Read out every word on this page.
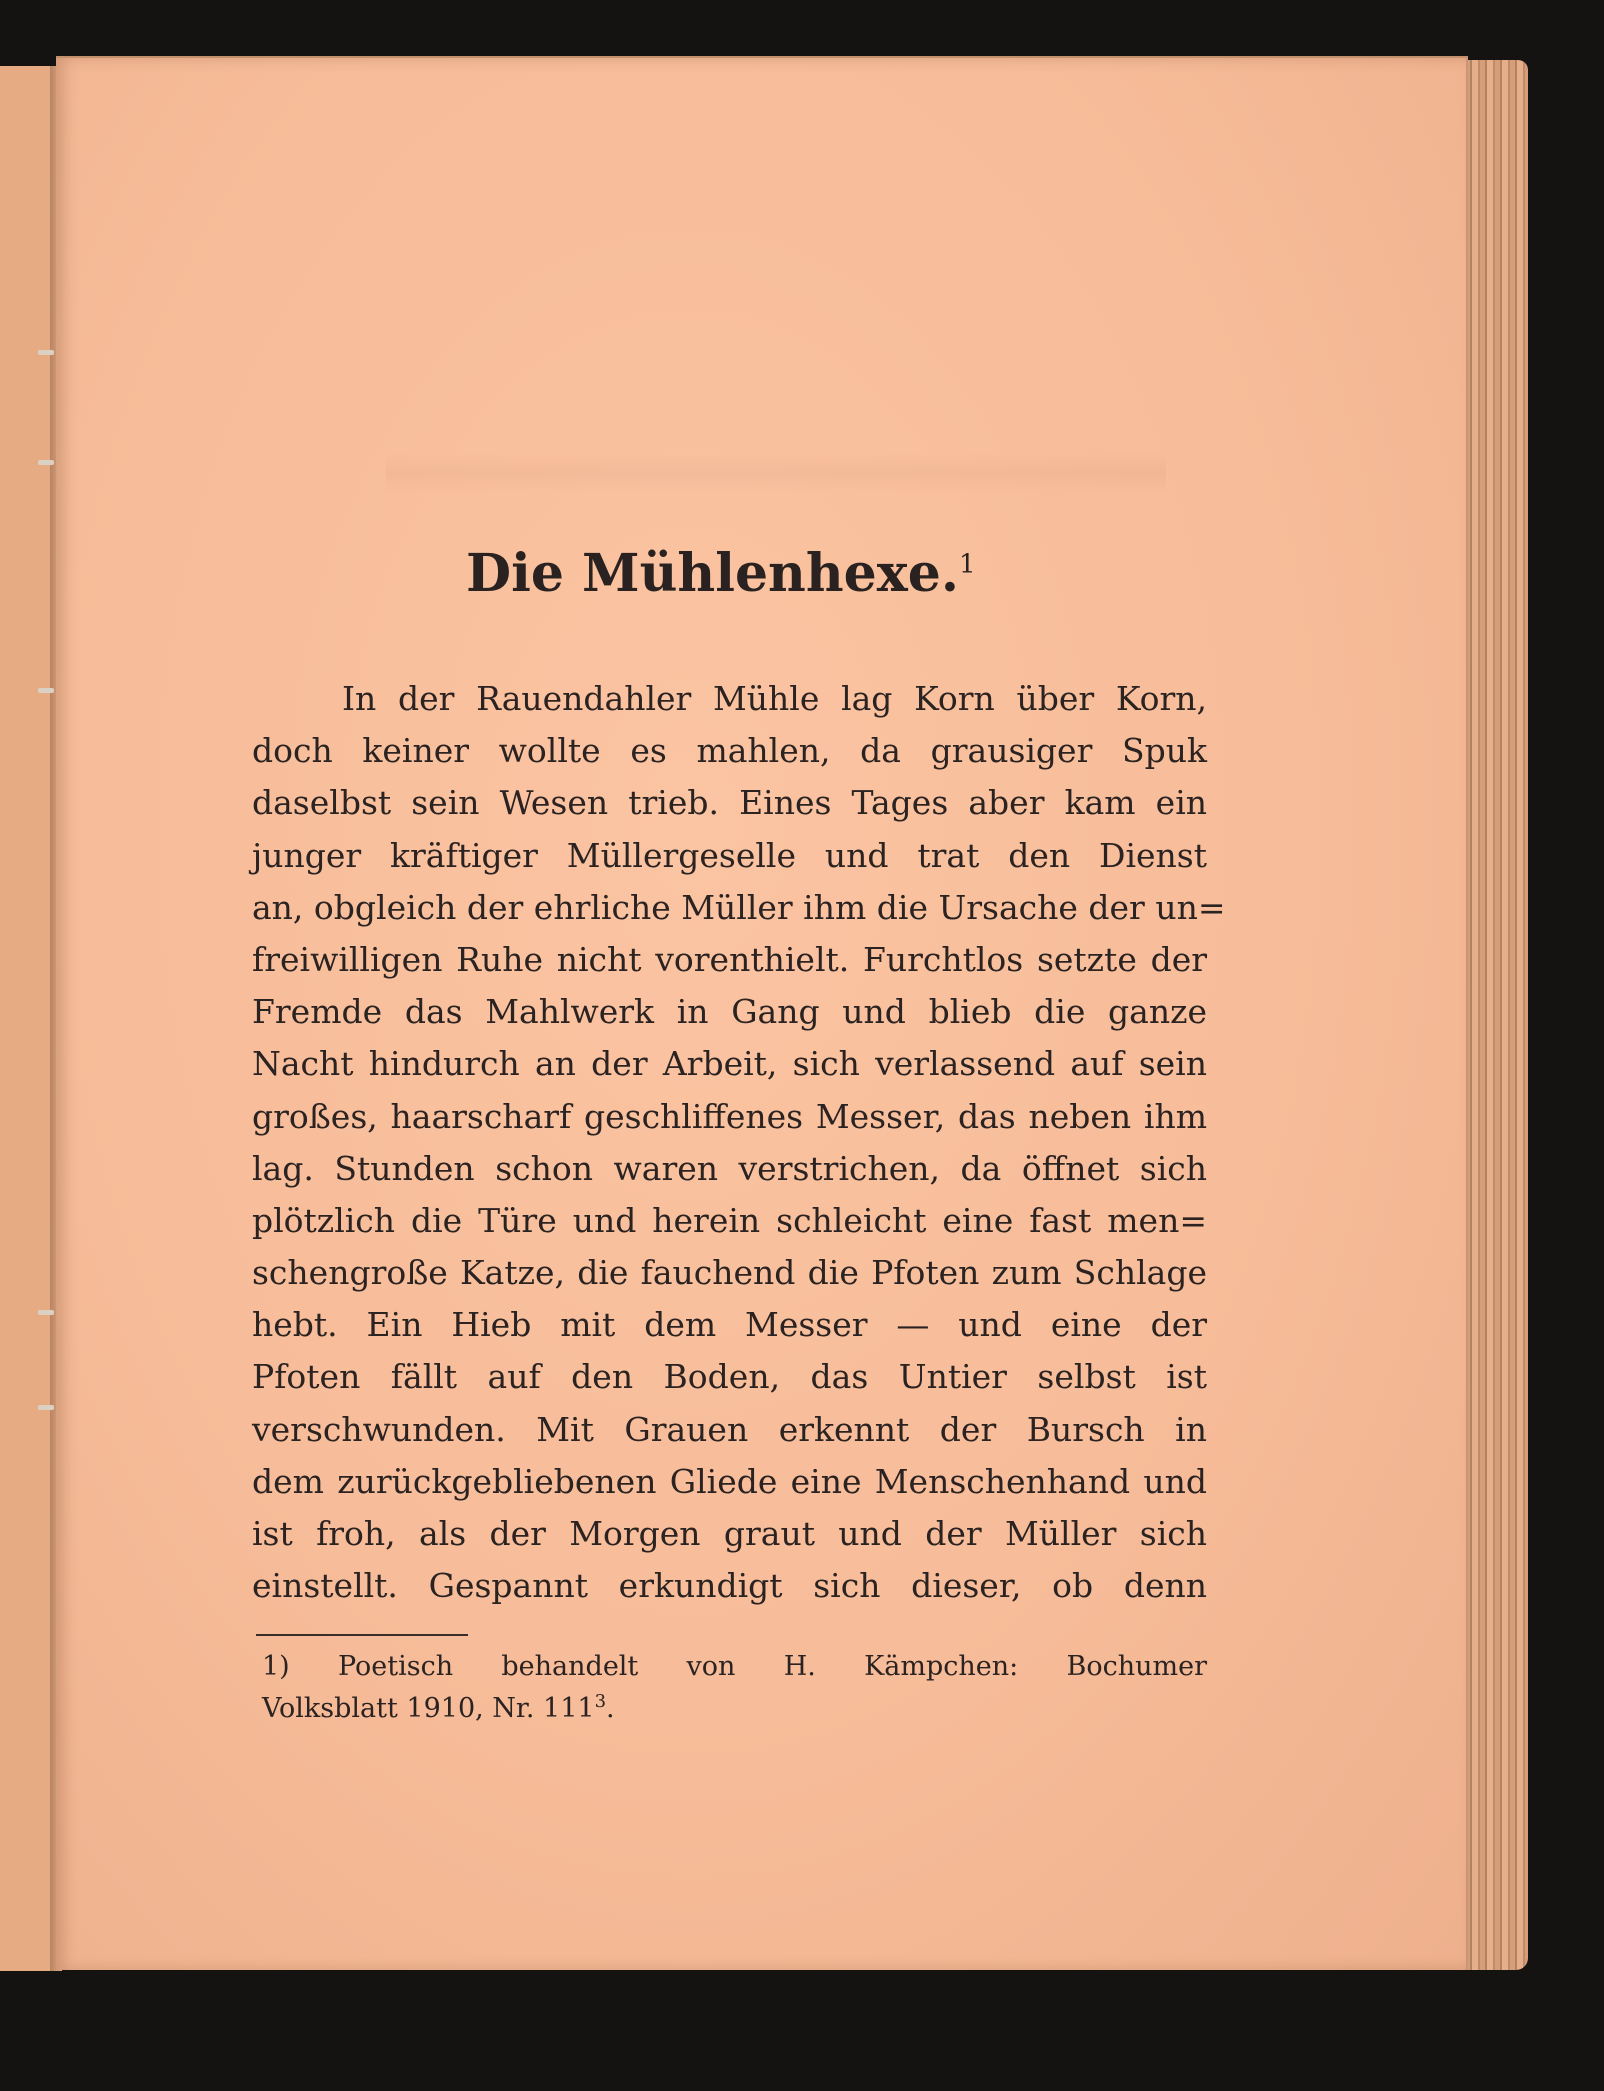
Die Mühlenhexe.$^1$
In der Rauendahler Mühle lag Korn über Korn,
doch keiner wollte es mahlen, da grausiger Spuk
daselbst sein Wesen trieb. Eines Tages aber kam ein
junger kräftiger Müllergeselle und trat den Dienst
an, obgleich der ehrliche Müller ihm die Ursache der un=
freiwilligen Ruhe nicht vorenthielt. Furchtlos setzte der
Fremde das Mahlwerk in Gang und blieb die ganze
Nacht hindurch an der Arbeit, sich verlassend auf sein
großes, haarscharf geschliffenes Messer, das neben ihm
lag. Stunden schon waren verstrichen, da öffnet sich
plötzlich die Türe und herein schleicht eine fast men=
schengroße Katze, die fauchend die Pfoten zum Schlage
hebt. Ein Hieb mit dem Messer — und eine der
Pfoten fällt auf den Boden, das Untier selbst ist
verschwunden. Mit Grauen erkennt der Bursch in
dem zurückgebliebenen Gliede eine Menschenhand und
ist froh, als der Morgen graut und der Müller sich
einstellt. Gespannt erkundigt sich dieser, ob denn
1) Poetisch behandelt von H. Kämpchen: Bochumer
Volksblatt 1910, Nr. 111$^3$.
